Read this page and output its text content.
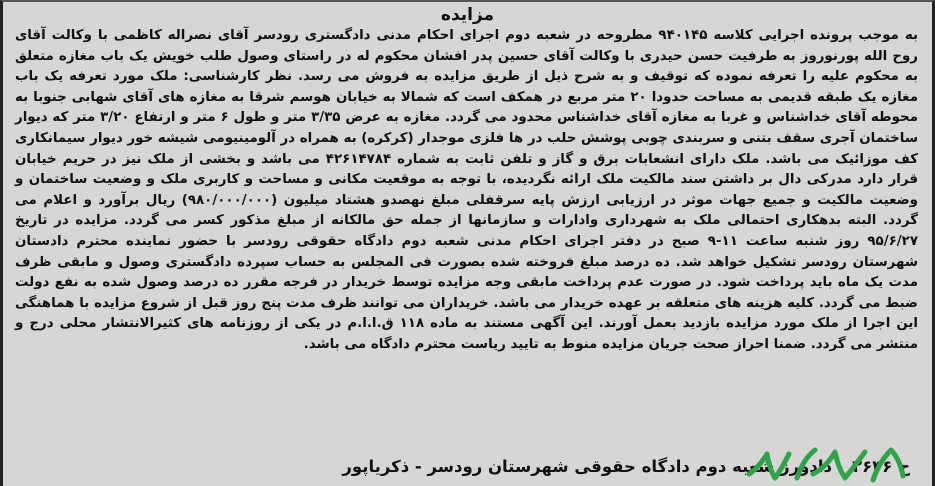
مزایده

به موجب پرونده اجرایی کلاسه ۹۴۰۱۴۵ مطروحه در شعبه دوم اجرای احکام مدنی دادگستری رودسر آقای نصراله کاظمی با وکالت آقای روح الله پورنوروز به طرفیت حسن حیدری با وکالت آقای حسین پدر افشان محکوم له در راستای وصول طلب خویش یک باب مغازه متعلق به محکوم علیه را تعرفه نموده که توقیف و به شرح ذیل از طریق مزایده به فروش می رسد. نظر کارشناسی: ملک مورد تعرفه یک باب مغازه یک طبقه قدیمی به مساحت حدودا ۲۰ متر مربع در همکف است که شمالا به خیابان هوسم شرقا به مغازه های آقای شهابی جنوبا به محوطه آقای خداشناس و غربا به مغازه آقای خداشناس محدود می گردد. مغازه به عرض ۳/۳۵ متر و طول ۶ متر و ارتفاع ۳/۲۰ متر که دیوار ساختمان آجری سقف بتنی و سربندی چوبی پوشش حلب در ها فلزی موجدار (کرکره) به همراه در آلومینیومی شیشه خور دیوار سیمانکاری کف موزائیک می باشد. ملک دارای انشعابات برق و گاز و تلفن ثابت به شماره ۴۲۶۱۴۷۸۴ می باشد و بخشی از ملک نیز در حریم خیابان قرار دارد مدرکی دال بر داشتن سند مالکیت ملک ارائه نگردیده، با توجه به موقعیت مکانی و مساحت و کاربری ملک و وضعیت ساختمان و وضعیت مالکیت و جمیع جهات موثر در ارزیابی ارزش پایه سرقفلی مبلغ نهصدو هشتاد میلیون (۹۸۰/۰۰۰/۰۰۰) ریال برآورد و اعلام می گردد. البته بدهکاری احتمالی ملک به شهرداری وادارات و سازمانها از جمله حق مالکانه از مبلغ مذکور کسر می گردد. مزایده در تاریخ ۹۵/۶/۲۷ روز شنبه ساعت ۱۱-۹ صبح در دفتر اجرای احکام مدنی شعبه دوم دادگاه حقوقی رودسر با حضور نماینده محترم دادستان شهرستان رودسر تشکیل خواهد شد. ده درصد مبلغ فروخته شده بصورت فی المجلس به حساب سپرده دادگستری وصول و مابقی ظرف مدت یک ماه باید پرداخت شود. در صورت عدم پرداخت مابقی وجه مزایده توسط خریدار در فرجه مقرر ده درصد وصول شده به نفع دولت ضبط می گردد. کلیه هزینه های متعلقه بر عهده خریدار می باشد. خریداران می توانند ظرف مدت پنج روز قبل از شروع مزایده با هماهنگی این اجرا از ملک مورد مزایده بازدید بعمل آورند. این آگهی مستند به ماده ۱۱۸ ق.ا.ا.م در یکی از روزنامه های کثیرالانتشار محلی درج و منتشر می گردد. ضمنا احراز صحت جریان مزایده منوط به تایید ریاست محترم دادگاه می باشد.

ح ۲۶۴۶
دادورز شعبه دوم دادگاه حقوقی شهرستان رودسر - ذکریاپور
